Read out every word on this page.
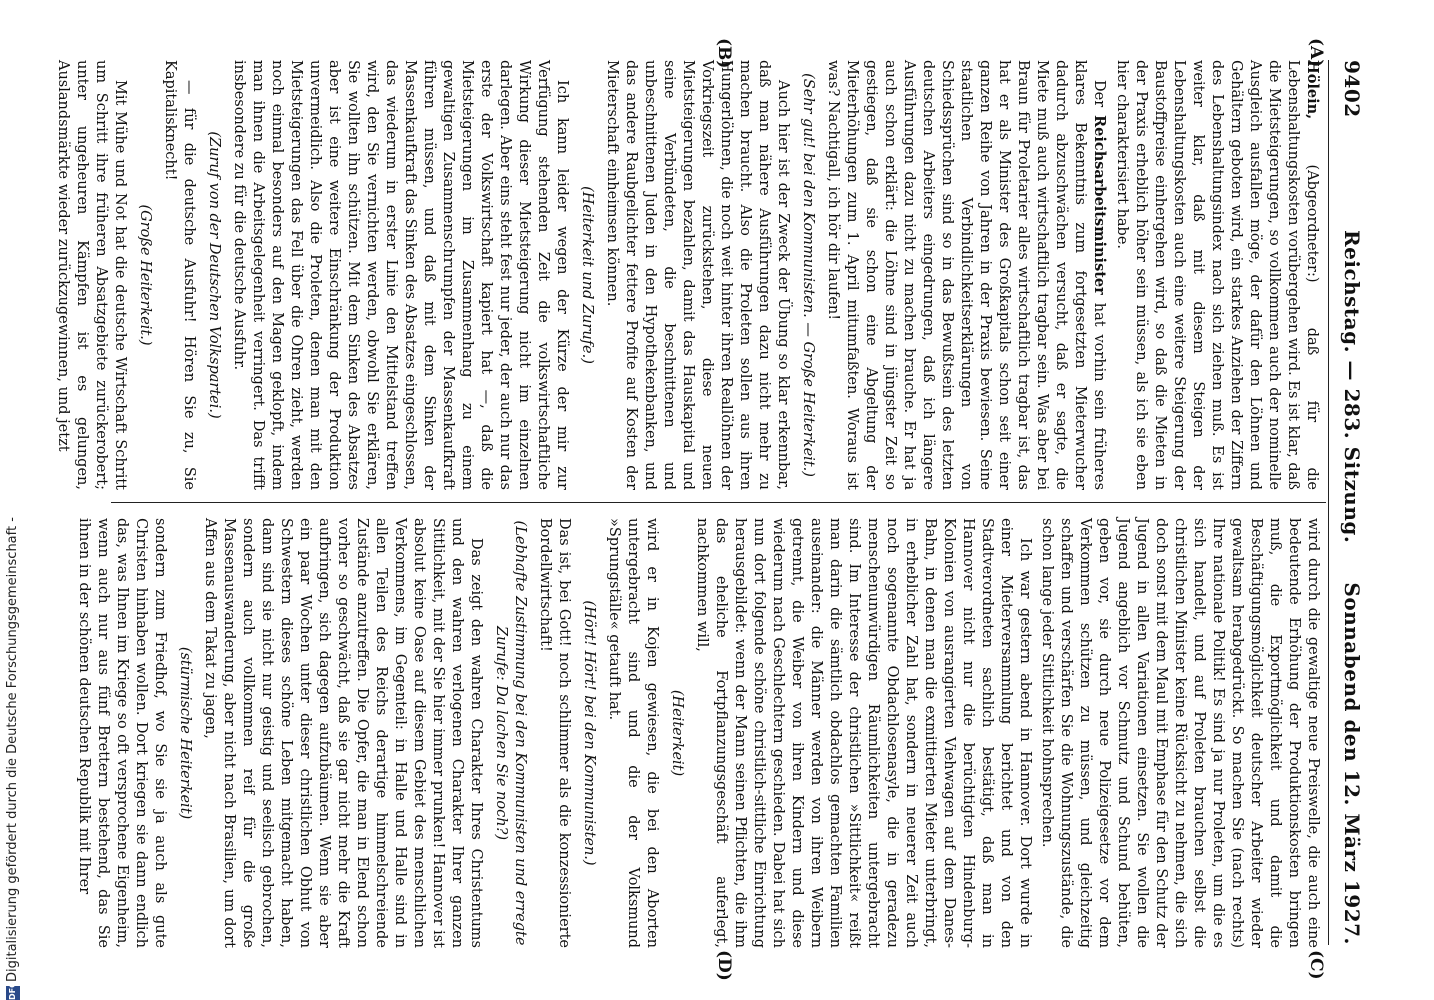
9402
Reichstag. — 283. Sitzung.
Sonnabend den 12. März 1927.
(A)
(B)
(C)
(D)

Hölein, (Abgeordneter:) daß für die Lebenshaltungskosten vorübergehen wird. Es ist klar, daß die Mietsteigerungen, so vollkommen auch der nominelle Ausgleich ausfallen möge, der dafür den Löhnen und Gehältern geboten wird, ein starkes Anziehen der Ziffern des Lebenshaltungsindex nach sich ziehen muß. Es ist weiter klar, daß mit diesem Steigen der Lebenshaltungskosten auch eine weitere Steigerung der Baustoffpreise einhergehen wird, so daß die Mieten in der Praxis erheblich höher sein müssen, als ich sie eben hier charakterisiert habe.

Der Reichsarbeitsminister hat vorhin sein früheres klares Bekenntnis zum fortgesetzten Mieterwucher dadurch abzuschwächen versucht, daß er sagte, die Miete muß auch wirtschaftlich tragbar sein. Was aber bei Braun für Proletarier alles wirtschaftlich tragbar ist, das hat er als Minister des Großkapitals schon seit einer ganzen Reihe von Jahren in der Praxis bewiesen. Seine staatlichen Verbindlichkeitserklärungen von Schiedssprüchen sind so in das Bewußtsein des letzten deutschen Arbeiters eingedrungen, daß ich längere Ausführungen dazu nicht zu machen brauche. Er hat ja auch schon erklärt: die Löhne sind in jüngster Zeit so gestiegen, daß sie schon eine Abgeltung der Mieterhöhungen zum 1. April mitumfaßten. Woraus ist was? Nachtigall, ich hör dir laufen!

(Sehr gut! bei den Kommunisten. — Große Heiterkeit.)

Auch hier ist der Zweck der Übung so klar erkennbar, daß man nähere Ausführungen dazu nicht mehr zu machen braucht. Also die Proleten sollen aus ihren Hungerlöhnen, die noch weit hinter ihren Reallöhnen der Vorkriegszeit zurückstehen, diese neuen Mietsteigerungen bezahlen, damit das Hauskapital und seine Verbündeten, die beschnittenen und unbeschnittenen Juden in den Hypothekenbanken, und das andere Raubgelichter fettere Profite auf Kosten der Mieterschaft einheimsen können.

(Heiterkeit und Zurufe.)

Ich kann leider wegen der Kürze der mir zur Verfügung stehenden Zeit die volkswirtschaftliche Wirkung dieser Mietsteigerung nicht im einzelnen darlegen. Aber eins steht fest nur jeder, der auch nur das erste der Volkswirtschaft kapiert hat —, daß die Mietsteigerungen im Zusammenhang zu einem gewaltigen Zusammenschrumpfen der Massenkaufkraft führen müssen, und daß mit dem Sinken der Massenkaufkraft das Sinken des Absatzes eingeschlossen, das wiederum in erster Linie den Mittelstand treffen wird, den Sie vernichten werden, obwohl Sie erklären, Sie wollten ihn schützen. Mit dem Sinken des Absatzes aber ist eine weitere Einschränkung der Produktion unvermeidlich. Also die Proleten, denen man mit den Mietsteigerungen das Fell über die Ohren zieht, werden noch einmal besonders auf den Magen geklopft, indem man ihnen die Arbeitsgelegenheit verringert. Das trifft insbesondere zu für die deutsche Ausfuhr.

(Zuruf von der Deutschen Volkspartei.)

— für die deutsche Ausfuhr! Hören Sie zu, Sie Kapitalisknecht!

(Große Heiterkeit.)

Mit Mühe und Not hat die deutsche Wirtschaft Schritt um Schritt ihre früheren Absatzgebiete zurückerobert; unter ungeheuren Kämpfen ist es gelungen, Auslandsmärkte wieder zurückzugewinnen, und jetzt

wird durch die gewaltige neue Preiswelle, die auch eine bedeutende Erhöhung der Produktionskosten bringen muß, die Exportmöglichkeit und damit die Beschäftigungsmöglichkeit deutscher Arbeiter wieder gewaltsam herabgedrückt. So machen Sie (nach rechts) Ihre nationale Politik! Es sind ja nur Proleten, um die es sich handelt, und auf Proleten brauchen selbst die christlichen Minister keine Rücksicht zu nehmen, die sich doch sonst mit dem Maul mit Emphase für den Schutz der Jugend in allen Variationen einsetzen. Sie wollen die Jugend angeblich vor Schmutz und Schund behüten, geben vor, sie durch neue Polizeigesetze vor dem Verkommen schützen zu müssen, und gleichzeitig schaffen und verschärfen Sie die Wohnungszustände, die schon lange jeder Sittlichkeit hohnsprechen.

Ich war gestern abend in Hannover. Dort wurde in einer Mieterversammlung berichtet und von den Stadtverordneten sachlich bestätigt, daß man in Hannover nicht nur die berüchtigten Hindenburg-Kolonien von ausrangierten Viehwagen auf dem Danes-Bahn, in denen man die exmittierten Mieter unterbringt, in erheblicher Zahl hat, sondern in neuerer Zeit auch noch sogenannte Obdachlosenasyle, die in geradezu menschenunwürdigen Räumlichkeiten untergebracht sind. Im Interesse der christlichen »Sittlichkeit« reißt man darin die sämtlich obdachlos gemachten Familien auseinander: die Männer werden von ihren Weibern getrennt, die Weiber von ihren Kindern und diese wiederum nach Geschlechtern geschieden. Dabei hat sich nun dort folgende schöne christlich-sittliche Einrichtung herausgebildet: wenn der Mann seinen Pflichten, die ihm das eheliche Fortpflanzungsgeschäft auferlegt, nachkommen will,

(Heiterkeit)

wird er in Kojen gewiesen, die bei den Aborten untergebracht sind und die der Volksmund »Sprungställe« getauft hat.

(Hört! Hört! bei den Kommunisten.)

Das ist, bei Gott! noch schlimmer als die konzessionierte Bordellwirtschaft!

(Lebhafte Zustimmung bei den Kommunisten und erregte Zurufe: Da lachen Sie noch?)

Das zeigt den wahren Charakter Ihres Christentums und den wahren verlogenen Charakter Ihrer ganzen Sittlichkeit, mit der Sie hier immer prunken! Hannover ist absolut keine Oase auf diesem Gebiet des menschlichen Verkommens, im Gegenteil: in Halle und Halle sind in allen Teilen des Reichs derartige himmelschreiende Zustände anzutreffen. Die Opfer, die man in Elend schon vorher so geschwächt, daß sie gar nicht mehr die Kraft aufbringen, sich dagegen aufzubäumen. Wenn sie aber ein paar Wochen unter dieser christlichen Obhut von Schwestern dieses schöne Leben mitgemacht haben, dann sind sie nicht nur geistig und seelisch gebrochen, sondern auch vollkommen reif für die große Massenauswanderung, aber nicht nach Brasilien, um dort Affen aus dem Takat zu jagen,

(stürmische Heiterkeit)

sondern zum Friedhof, wo Sie sie ja auch als gute Christen hinhaben wollen. Dort kriegen sie dann endlich das, was Ihnen im Kriege so oft versprochene Eigenheim, wenn auch nur aus fünf Brettern bestehend, das Sie ihnen in der schönen deutschen Republik mit Ihrer

DFG
Digitalisierung gefördert durch die Deutsche Forschungsgemeinschaft -
